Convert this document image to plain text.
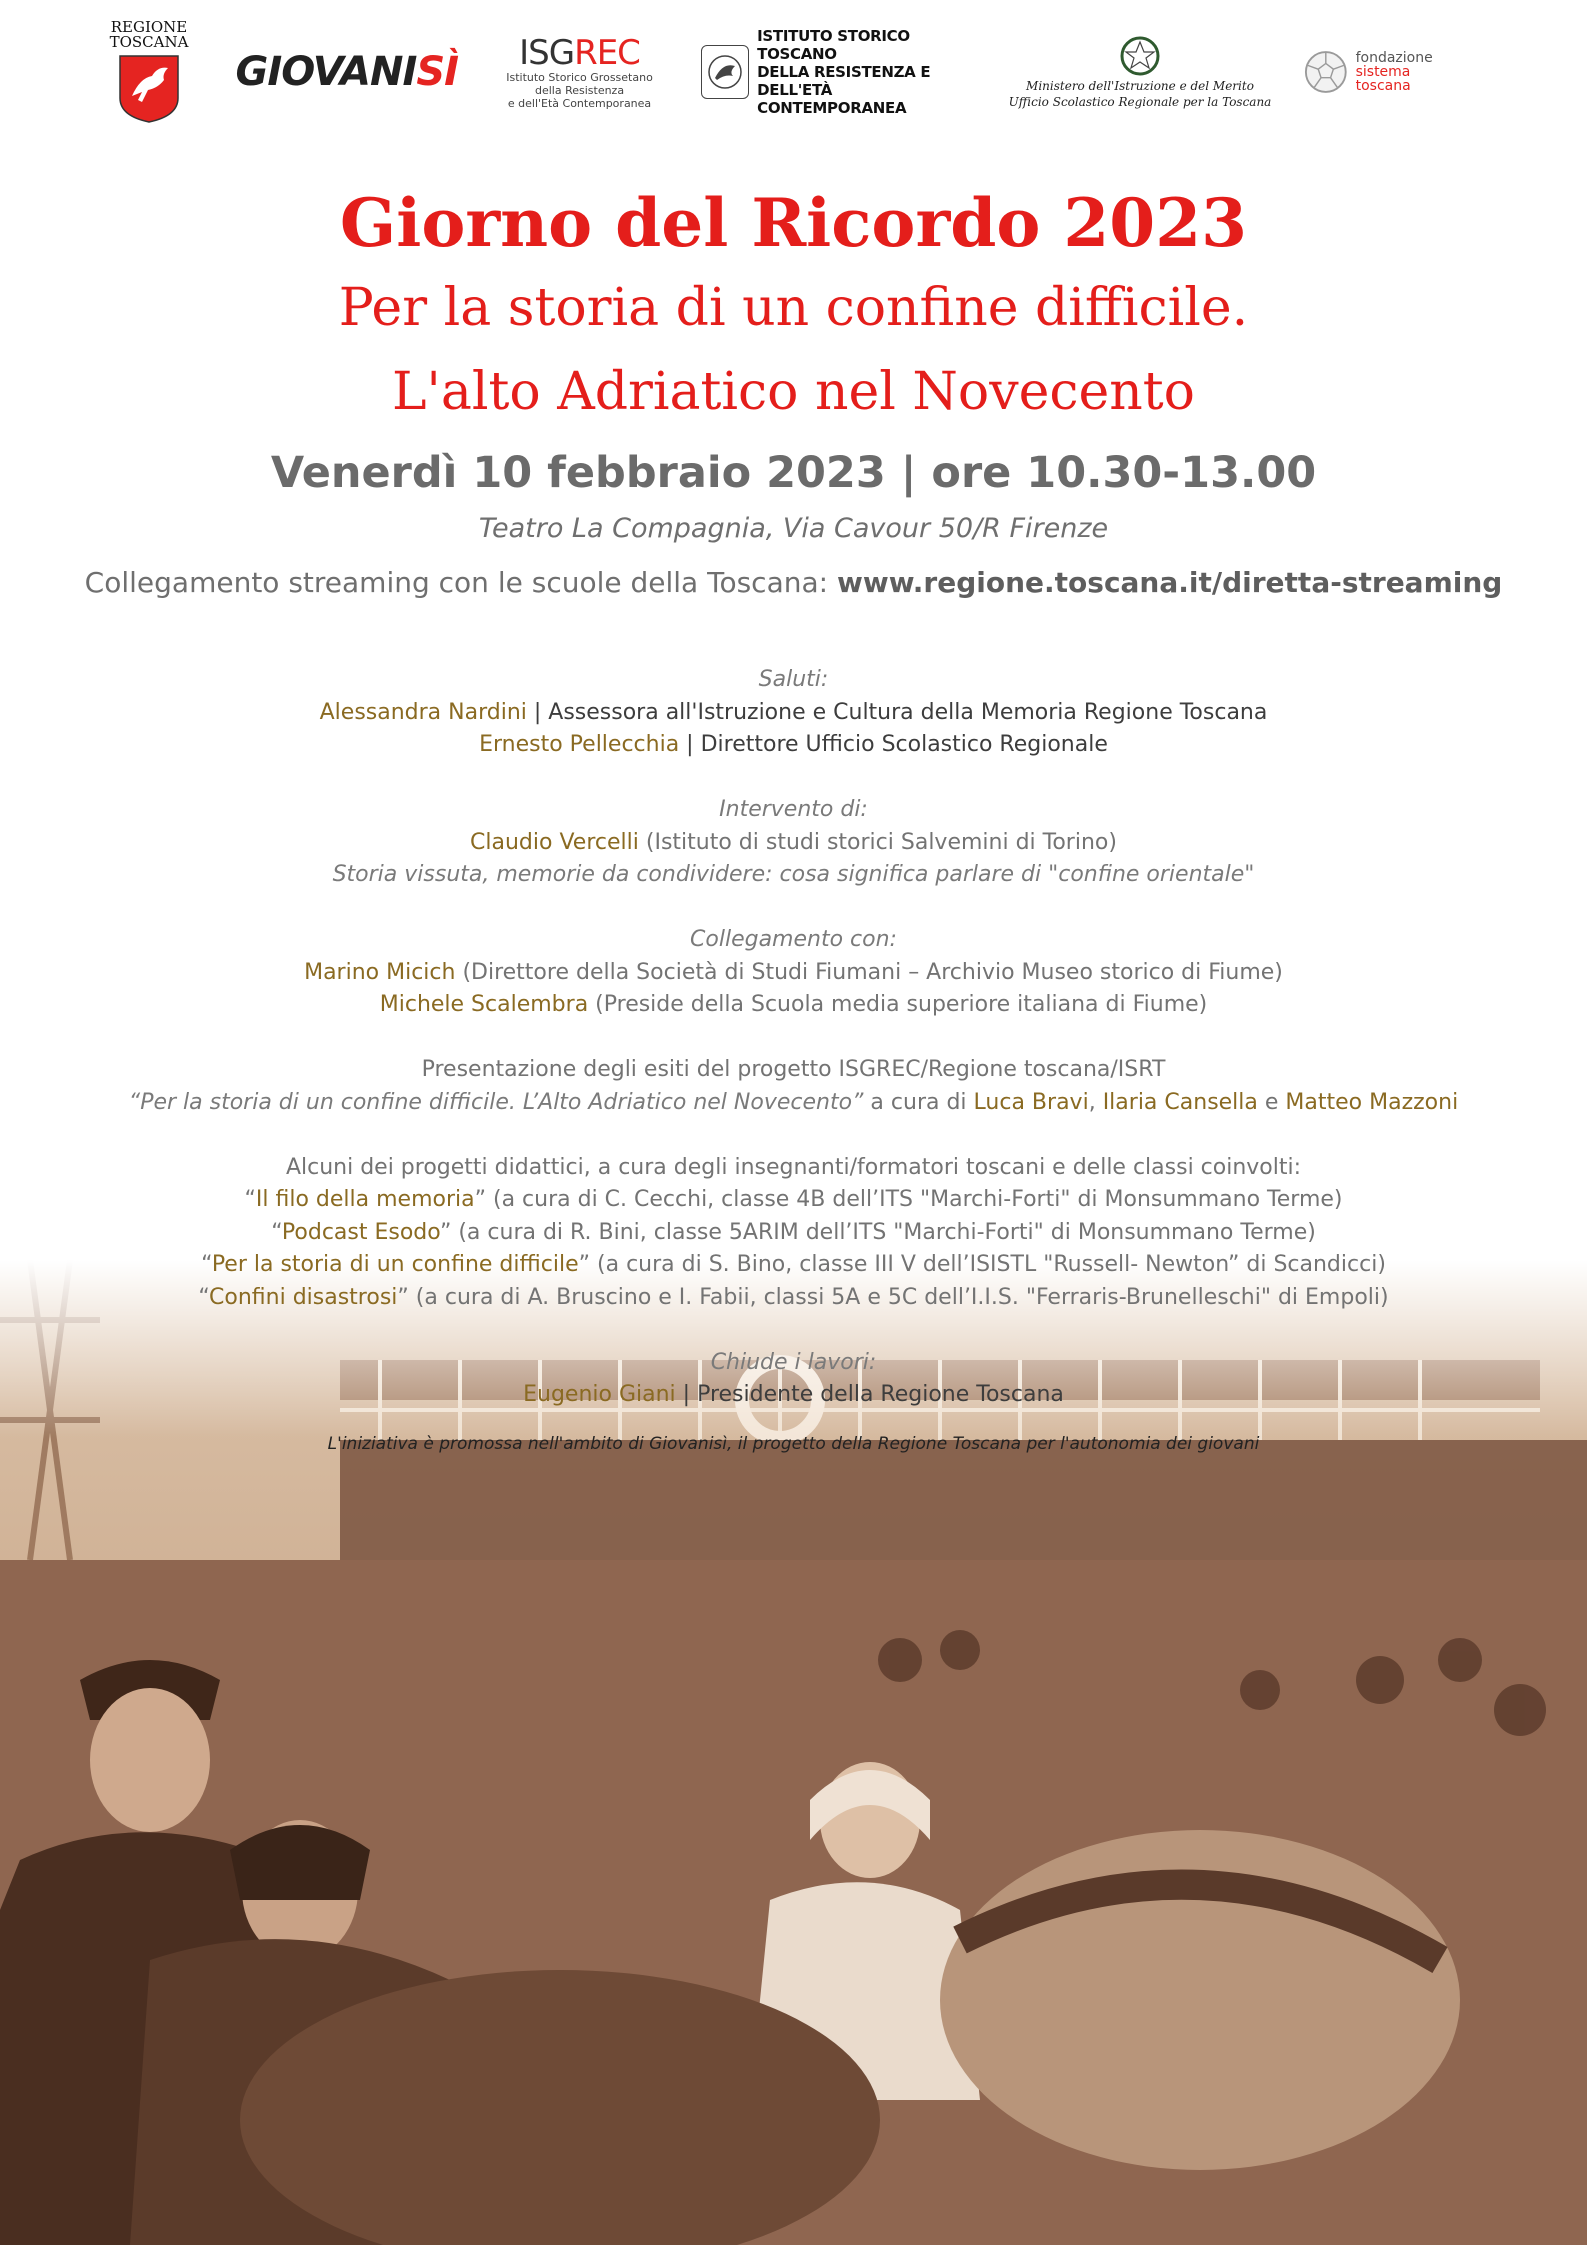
REGIONE
TOSCANA
GIOVANI SÌ ISGREC
Istituto Storico Grossetano
della Resistenza
e dell'Età Contemporanea
ISTITUTO STORICO TOSCANO
DELLA RESISTENZA E
DELL'ETÀ CONTEMPORANEA
Ministero dell'Istruzione e del Merito
Ufficio Scolastico Regionale per la Toscana
fondazione
sistema toscana
Giorno del Ricordo 2023
Per la storia di un confine difficile.
L'alto Adriatico nel Novecento
Venerdì 10 febbraio 2023 | ore 10.30-13.00
Teatro La Compagnia, Via Cavour 50/R Firenze
Collegamento streaming con le scuole della Toscana: www.regione.toscana.it/diretta-streaming
Saluti:
Alessandra Nardini | Assessora all'Istruzione e Cultura della Memoria Regione Toscana
Ernesto Pellecchia | Direttore Ufficio Scolastico Regionale
Intervento di:
Claudio Vercelli (Istituto di studi storici Salvemini di Torino)
Storia vissuta, memorie da condividere: cosa significa parlare di "confine orientale"
Collegamento con:
Marino Micich (Direttore della Società di Studi Fiumani – Archivio Museo storico di Fiume)
Michele Scalembra (Preside della Scuola media superiore italiana di Fiume)
Presentazione degli esiti del progetto ISGREC/Regione toscana/ISRT
“Per la storia di un confine difficile. L’Alto Adriatico nel Novecento” a cura di Luca Bravi, Ilaria Cansella e Matteo Mazzoni
Alcuni dei progetti didattici, a cura degli insegnanti/formatori toscani e delle classi coinvolti:
“Il filo della memoria” (a cura di C. Cecchi, classe 4B dell’ITS "Marchi-Forti" di Monsummano Terme)
“Podcast Esodo” (a cura di R. Bini, classe 5ARIM dell’ITS "Marchi-Forti" di Monsummano Terme)
“Per la storia di un confine difficile” (a cura di S. Bino, classe III V dell’ISISTL "Russell- Newton” di Scandicci)
“Confini disastrosi” (a cura di A. Bruscino e I. Fabii, classi 5A e 5C dell’I.I.S. "Ferraris-Brunelleschi" di Empoli)
Chiude i lavori:
Eugenio Giani | Presidente della Regione Toscana
L'iniziativa è promossa nell'ambito di Giovanisì, il progetto della Regione Toscana per l'autonomia dei giovani
